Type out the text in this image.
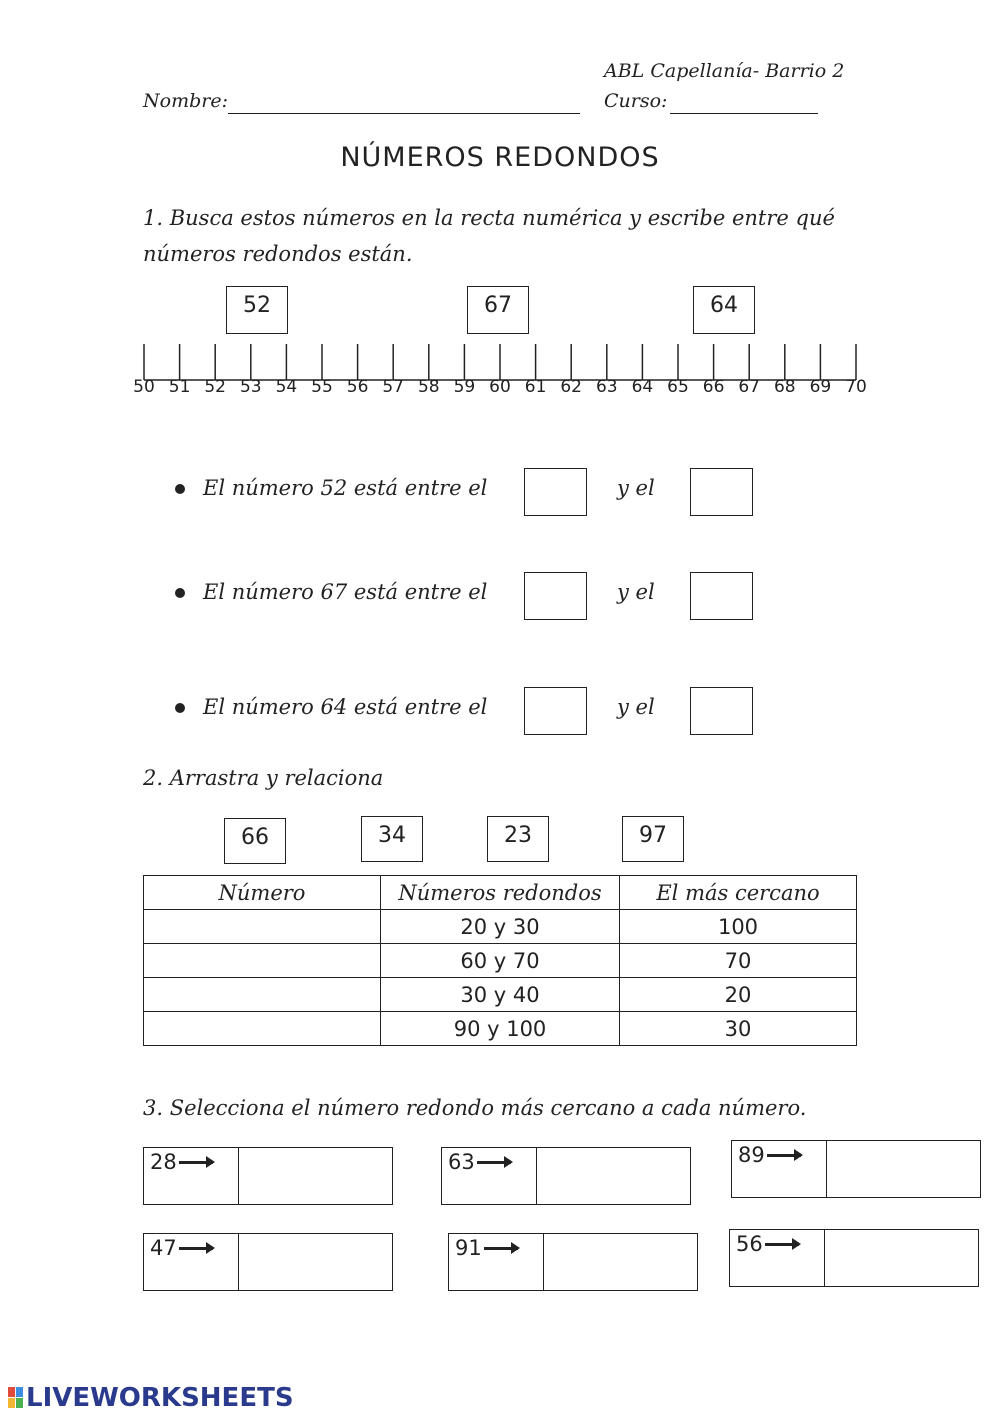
ABL Capellanía- Barrio 2
Nombre:	Curso:
NÚMEROS REDONDOS
1. Busca estos números en la recta numérica y escribe entre qué números redondos están.
52	67	64
50 51 52 53 54 55 56 57 58 59 60 61 62 63 64 65 66 67 68 69 70
El número 52 está entre el	y el
El número 67 está entre el	y el
El número 64 está entre el	y el
2. Arrastra y relaciona
66	34	23	97
Número	Números redondos	El más cercano
	20 y 30	100
	60 y 70	70
	30 y 40	20
	90 y 100	30
3. Selecciona el número redondo más cercano a cada número.
28	63	89
47	91	56
LIVEWORKSHEETS
